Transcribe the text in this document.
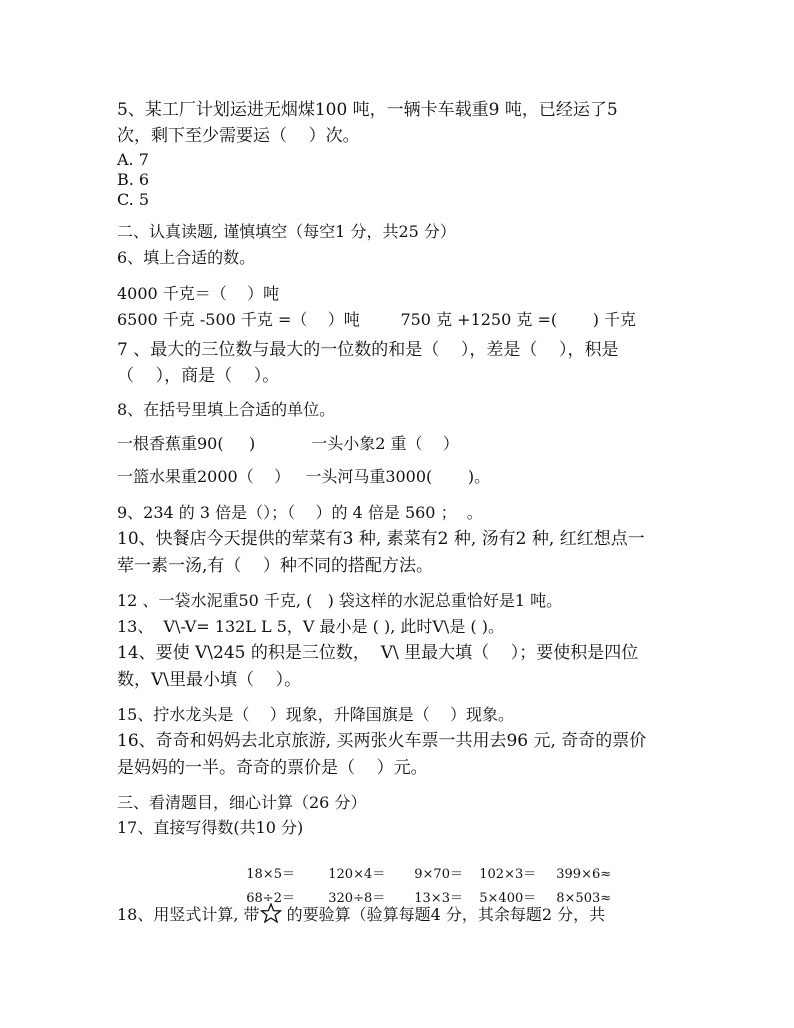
5、某工厂计划运进无烟煤100 吨，一辆卡车载重9 吨，已经运了5
次，剩下至少需要运（    ）次。
A. 7
B. 6
C. 5
二、认真读题, 谨慎填空（每空1 分，共25 分）
6、填上合适的数。
4000 千克＝（    ）吨
6500 千克 -500 千克 =（    ）吨        750 克 +1250 克 =(       ) 千克
7 、最大的三位数与最大的一位数的和是（    ），差是（    ），积是
（    ），商是（    ）。
8、在括号里填上合适的单位。
一根香蕉重90(     )           一头小象2 重（    ）
一篮水果重2000（    ）   一头河马重3000(       )。
9、234 的 3 倍是（）；（    ）的 4 倍是 560 ；  。
10、快餐店今天提供的荤菜有3 种, 素菜有2 种, 汤有2 种, 红红想点一
荤一素一汤,有（    ）种不同的搭配方法。
12 、一袋水泥重50 千克, (   ) 袋这样的水泥总重恰好是1 吨。
13、  V\-V= 132L L 5，V 最小是 ( ), 此时V\是 ( )。
14、要使 V\245 的积是三位数，  V\ 里最大填（    ）；要使积是四位
数，V\里最小填（    ）。
15、拧水龙头是（    ）现象，升降国旗是（    ）现象。
16、奇奇和妈妈去北京旅游, 买两张火车票一共用去96 元, 奇奇的票价
是妈妈的一半。奇奇的票价是（    ）元。
三、看清题目，细心计算（26 分）
17、直接写得数(共10 分)

18×5＝	120×4＝ 9×70＝ 102×3＝ 399×6≈

68÷2＝	320÷8＝ 13×3＝ 5×400＝ 8×503≈

18、用竖式计算, 带 的要验算（验算每题4 分，其余每题2 分，共
